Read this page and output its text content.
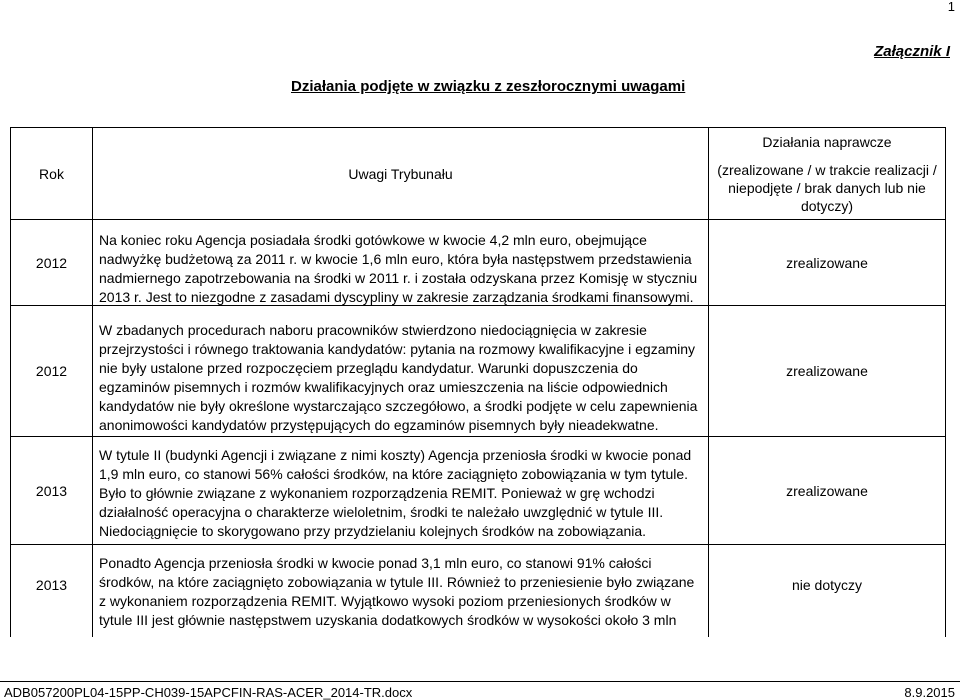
1
Załącznik I
Działania podjęte w związku z zeszłorocznymi uwagami
Rok	Uwagi Trybunału
Działania naprawcze
(zrealizowane / w trakcie realizacji / niepodjęte / brak danych lub nie dotyczy)
2012
Na koniec roku Agencja posiadała środki gotówkowe w kwocie 4,2 mln euro, obejmujące nadwyżkę budżetową za 2011 r. w kwocie 1,6 mln euro, która była następstwem przedstawienia nadmiernego zapotrzebowania na środki w 2011 r. i została odzyskana przez Komisję w styczniu 2013 r. Jest to niezgodne z zasadami dyscypliny w zakresie zarządzania środkami finansowymi.
zrealizowane
2012
W zbadanych procedurach naboru pracowników stwierdzono niedociągnięcia w zakresie przejrzystości i równego traktowania kandydatów: pytania na rozmowy kwalifikacyjne i egzaminy nie były ustalone przed rozpoczęciem przeglądu kandydatur. Warunki dopuszczenia do egzaminów pisemnych i rozmów kwalifikacyjnych oraz umieszczenia na liście odpowiednich kandydatów nie były określone wystarczająco szczegółowo, a środki podjęte w celu zapewnienia anonimowości kandydatów przystępujących do egzaminów pisemnych były nieadekwatne.
zrealizowane
2013
W tytule II (budynki Agencji i związane z nimi koszty) Agencja przeniosła środki w kwocie ponad 1,9 mln euro, co stanowi 56% całości środków, na które zaciągnięto zobowiązania w tym tytule. Było to głównie związane z wykonaniem rozporządzenia REMIT. Ponieważ w grę wchodzi działalność operacyjna o charakterze wieloletnim, środki te należało uwzględnić w tytule III. Niedociągnięcie to skorygowano przy przydzielaniu kolejnych środków na zobowiązania.
zrealizowane
2013
Ponadto Agencja przeniosła środki w kwocie ponad 3,1 mln euro, co stanowi 91% całości środków, na które zaciągnięto zobowiązania w tytule III. Również to przeniesienie było związane z wykonaniem rozporządzenia REMIT. Wyjątkowo wysoki poziom przeniesionych środków w tytule III jest głównie następstwem uzyskania dodatkowych środków w wysokości około 3 mln
nie dotyczy
ADB057200PL04-15PP-CH039-15APCFIN-RAS-ACER_2014-TR.docx	8.9.2015
